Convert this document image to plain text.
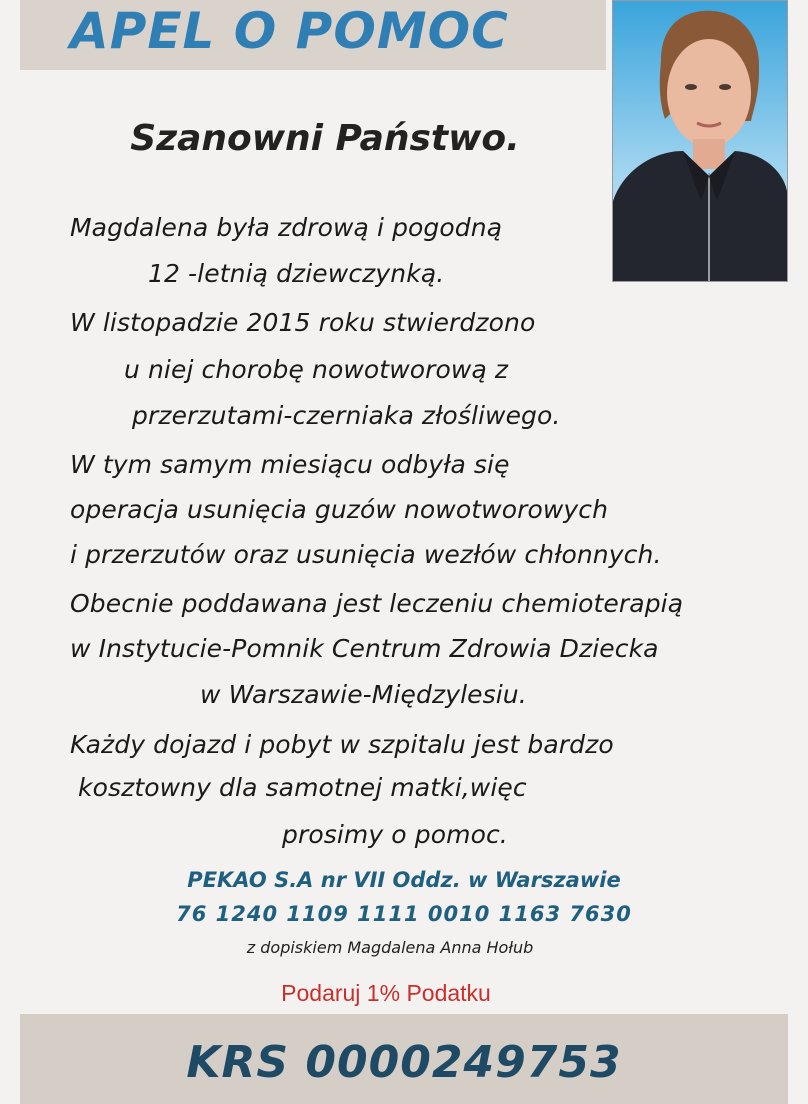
APEL O POMOC
Szanowni Państwo.
Magdalena była zdrową i pogodną
12 -letnią dziewczynką.
W listopadzie 2015 roku stwierdzono
u niej chorobę nowotworową z
przerzutami-czerniaka złośliwego.
W tym samym miesiącu odbyła się
operacja usunięcia guzów nowotworowych
i przerzutów oraz usunięcia wezłów chłonnych.
Obecnie poddawana jest leczeniu chemioterapią
w Instytucie-Pomnik Centrum Zdrowia Dziecka
w Warszawie-Międzylesiu.
Każdy dojazd i pobyt w szpitalu jest bardzo
kosztowny dla samotnej matki,więc
prosimy o pomoc.
PEKAO S.A nr VII Oddz. w Warszawie
76 1240 1109 1111 0010 1163 7630
z dopiskiem Magdalena Anna Hołub
Podaruj 1% Podatku
KRS 0000249753
